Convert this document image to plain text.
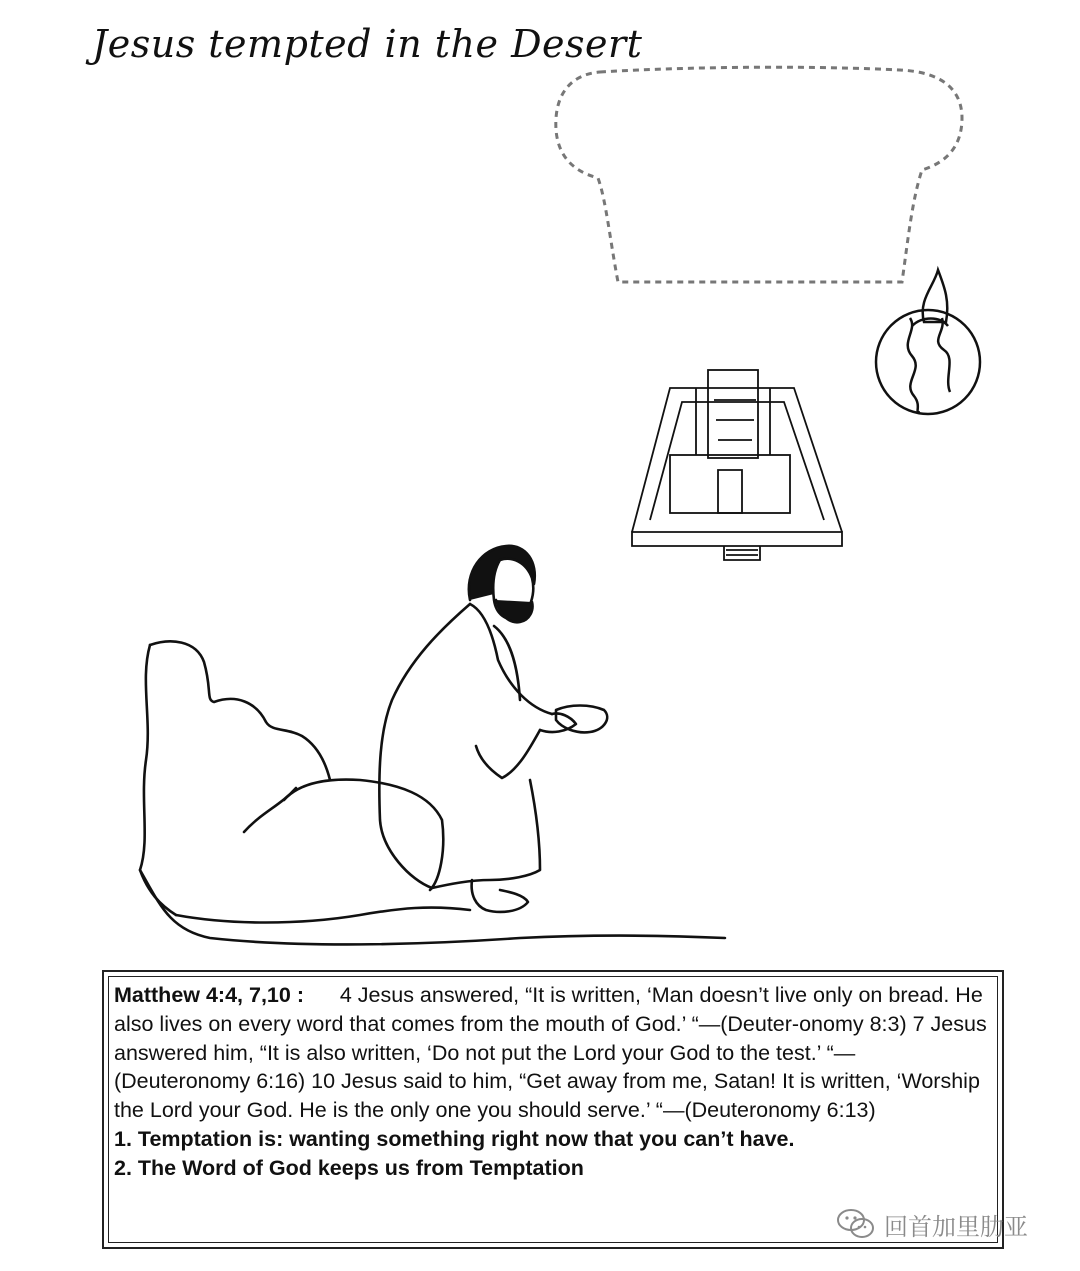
Jesus tempted in the Desert

Matthew 4:4, 7,10 : 4 Jesus answered, “It is written, ‘Man doesn’t live only on bread. He also lives on every word that comes from the mouth of God.’ “—(Deuter-onomy 8:3) 7 Jesus answered him, “It is also written, ‘Do not put the Lord your God to the test.’ “—(Deuteronomy 6:16) 10 Jesus said to him, “Get away from me, Satan! It is written, ‘Worship the Lord your God. He is the only one you should serve.’ “—(Deuteronomy 6:13)

1. Temptation is: wanting something right now that you can’t have.

2. The Word of God keeps us from Temptation

回首加里肋亚
